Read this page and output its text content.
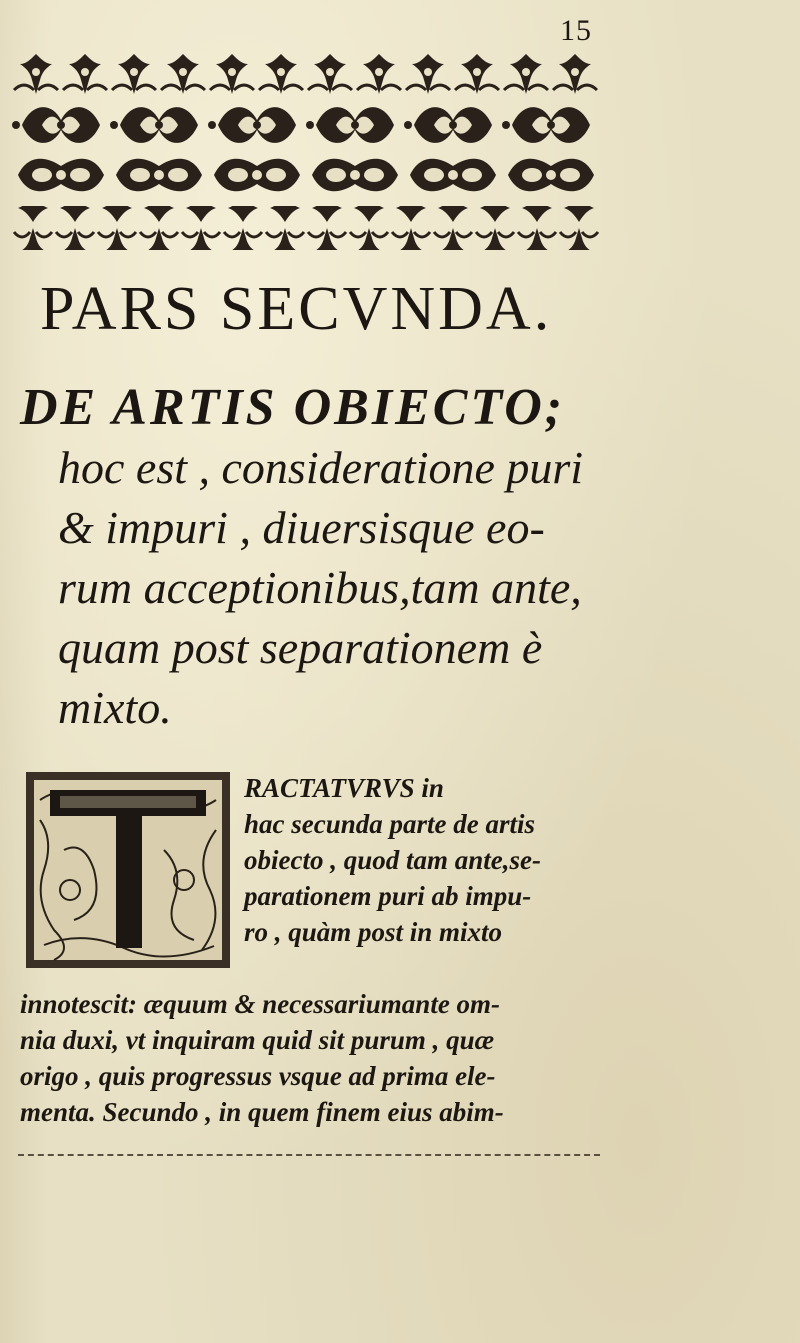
15
PARS SECVNDA.
DE ARTIS OBIECTO;
hoc est , consideratione puri
& impuri , diuersisque eo-
rum acceptionibus,tam ante,
quam post separationem è
mixto.
RACTATVRVS in
hac secunda parte de artis
obiecto , quod tam ante,se-
parationem puri ab impu-
ro , quàm post in mixto
innotescit: æquum & necessariumante om-
nia duxi, vt inquiram quid sit purum , quæ
origo , quis progressus vsque ad prima ele-
menta. Secundo , in quem finem eius abim-
